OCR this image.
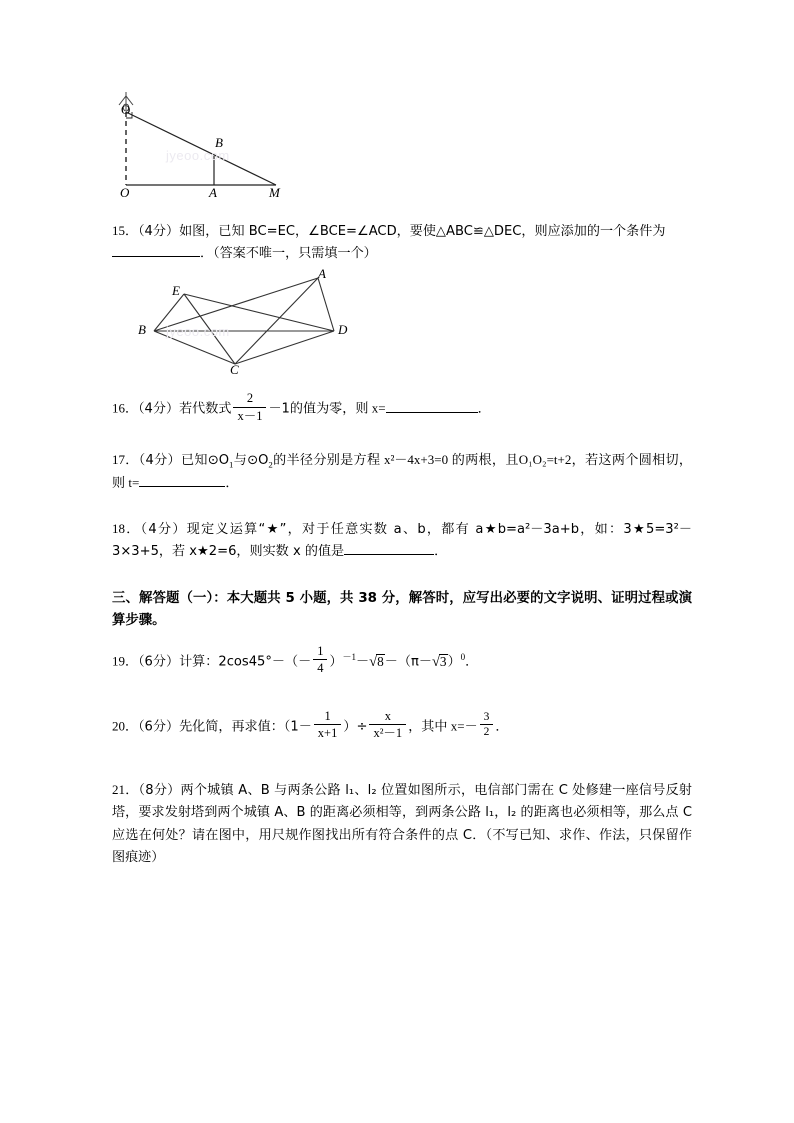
jyeoo.com
O
B
O	A	M
15．（4分）如图，已知 BC=EC，∠BCE=∠ACD，要使△ABC≌△DEC，则应添加的一个条件为
．（答案不唯一，只需填一个）
jyeoo.com
A
E
B	D
C
16．（4分）若代数式 $\frac{2}{x-1} -1$的值为零，则 x=	．
17．（4分）已知$⊙O_1$与$⊙O_2$的半径分别是方程 x²－4x+3=0 的两根，且O₁O₂=t+2，若这两个圆相切，则 t=	．
18．（4分）现定义运算“★”，对于任意实数 a、b，都有 a★b=a²－3a+b，如：3★5=3²－3×3+5，若 x★2=6，则实数 x 的值是	．
三、解答题（一）：本大题共 5 小题，共 38 分，解答时，应写出必要的文字说明、证明过程或演算步骤。
19．（6分）计算：$2\cos 45^\circ-(- \frac{1}{4} )^{-1}-√8-(\pi-√3)^0$．
20．（6分）先化简，再求值：（$1- \frac{1}{x+1}$ ）÷ $\frac{x}{\text{x²－1}}$ ，其中 $x=- \frac{3}{2}$ ．
21．（8分）两个城镇 A、B 与两条公路 l₁、l₂ 位置如图所示，电信部门需在 C 处修建一座信号反射塔，要求发射塔到两个城镇 A、B 的距离必须相等，到两条公路 l₁，l₂ 的距离也必须相等，那么点 C 应选在何处？请在图中，用尺规作图找出所有符合条件的点 C．（不写已知、求作、作法，只保留作图痕迹）
